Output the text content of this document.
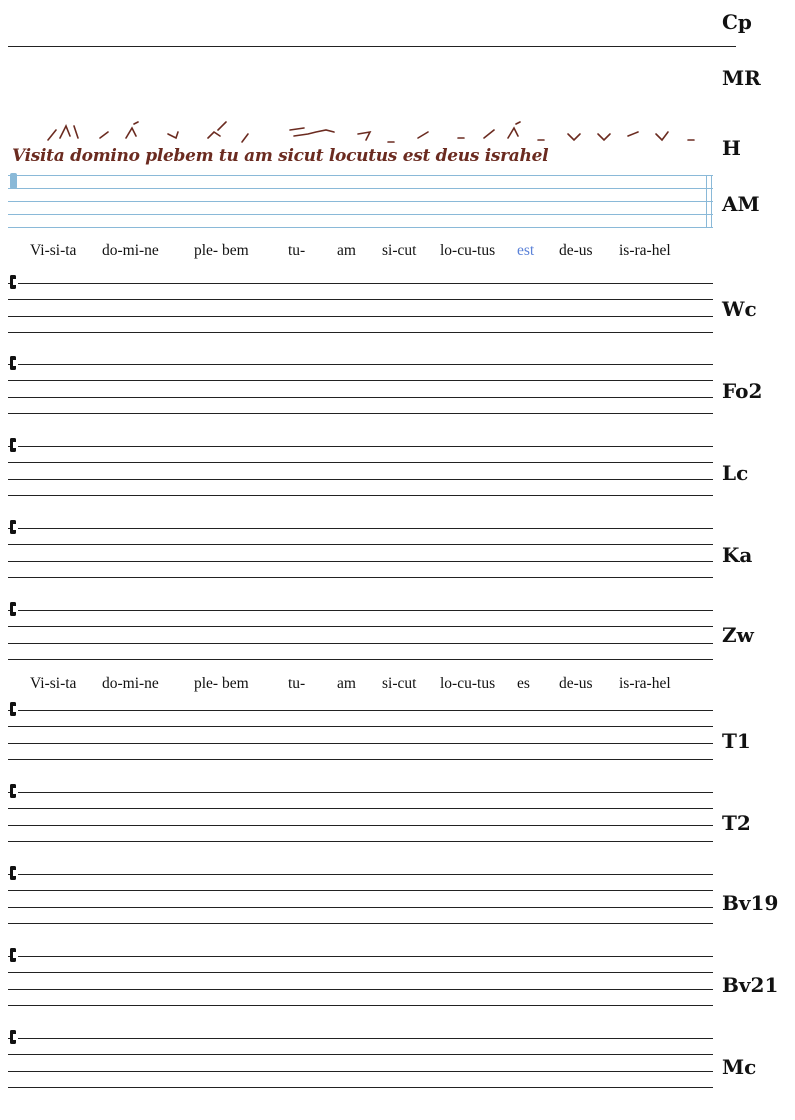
Cp
MR
Visita domino plebem tu am sicut locutus est deus israhel	H
AM
Vi-si-ta do-mi-ne ple- bem	tu- am si-cut lo-cu-tus est de-us is-ra-hel
Wc
Fo2
Lc
Ka
Zw
Vi-si-ta do-mi-ne ple- bem	tu- am si-cut lo-cu-tus es de-us is-ra-hel
T1
T2
Bv19
Bv21
Mc
